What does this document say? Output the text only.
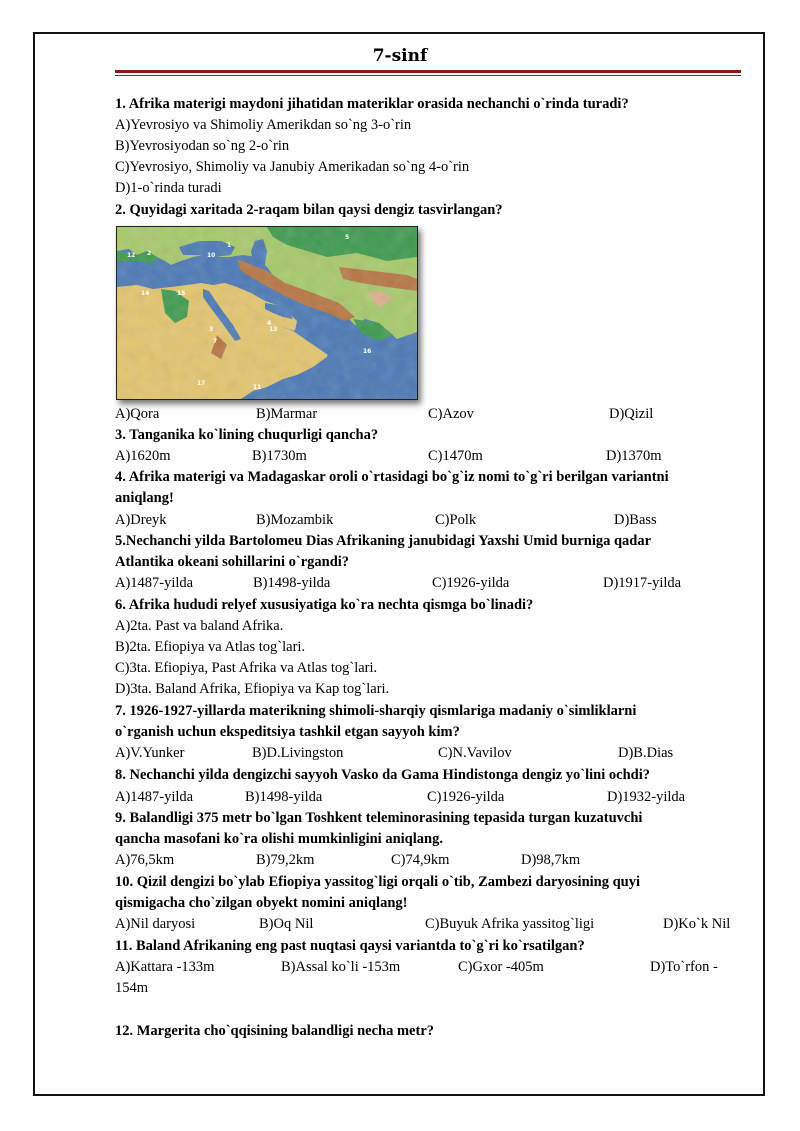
7-sinf
1. Afrika materigi maydoni jihatidan materiklar orasida nechanchi o`rinda turadi?
A)Yevrosiyo va Shimoliy Amerikdan so`ng 3-o`rin
B)Yevrosiyodan so`ng 2-o`rin
C)Yevrosiyo, Shimoliy va Janubiy Amerikadan so`ng 4-o`rin
D)1-o`rinda turadi
2. Quyidagi xaritada 2-raqam bilan qaysi dengiz tasvirlangan?
12 2	10
1
5
14	15
3
4
13
16
17
11
7
A)Qora	B)Marmar	C)Azov	D)Qizil
3. Tanganika ko`lining chuqurligi qancha?
A)1620m	B)1730m	C)1470m	D)1370m
4. Afrika materigi va Madagaskar oroli o`rtasidagi bo`g`iz nomi to`g`ri berilgan variantni
aniqlang!
A)Dreyk	B)Mozambik	C)Polk	D)Bass
5.Nechanchi yilda Bartolomeu Dias Afrikaning janubidagi Yaxshi Umid burniga qadar
Atlantika okeani sohillarini o`rgandi?
A)1487-yilda	B)1498-yilda	C)1926-yilda	D)1917-yilda
6. Afrika hududi relyef xususiyatiga ko`ra nechta qismga bo`linadi?
A)2ta. Past va baland Afrika.
B)2ta. Efiopiya va Atlas tog`lari.
C)3ta. Efiopiya, Past Afrika va Atlas tog`lari.
D)3ta. Baland Afrika, Efiopiya va Kap tog`lari.
7. 1926-1927-yillarda materikning shimoli-sharqiy qismlariga madaniy o`simliklarni
o`rganish uchun ekspeditsiya tashkil etgan sayyoh kim?
A)V.Yunker	B)D.Livingston	C)N.Vavilov	D)B.Dias
8. Nechanchi yilda dengizchi sayyoh Vasko da Gama Hindistonga dengiz yo`lini ochdi?
A)1487-yilda	B)1498-yilda	C)1926-yilda	D)1932-yilda
9. Balandligi 375 metr bo`lgan Toshkent teleminorasining tepasida turgan kuzatuvchi
qancha masofani ko`ra olishi mumkinligini aniqlang.
A)76,5km	B)79,2km	C)74,9km	D)98,7km
10. Qizil dengizi bo`ylab Efiopiya yassitog`ligi orqali o`tib, Zambezi daryosining quyi
qismigacha cho`zilgan obyekt nomini aniqlang!
A)Nil daryosi	B)Oq Nil	C)Buyuk Afrika yassitog`ligi	D)Ko`k Nil
11. Baland Afrikaning eng past nuqtasi qaysi variantda to`g`ri ko`rsatilgan?
A)Kattara -133m	B)Assal ko`li -153m	C)Gxor -405m	D)To`rfon -
154m
12. Margerita cho`qqisining balandligi necha metr?
